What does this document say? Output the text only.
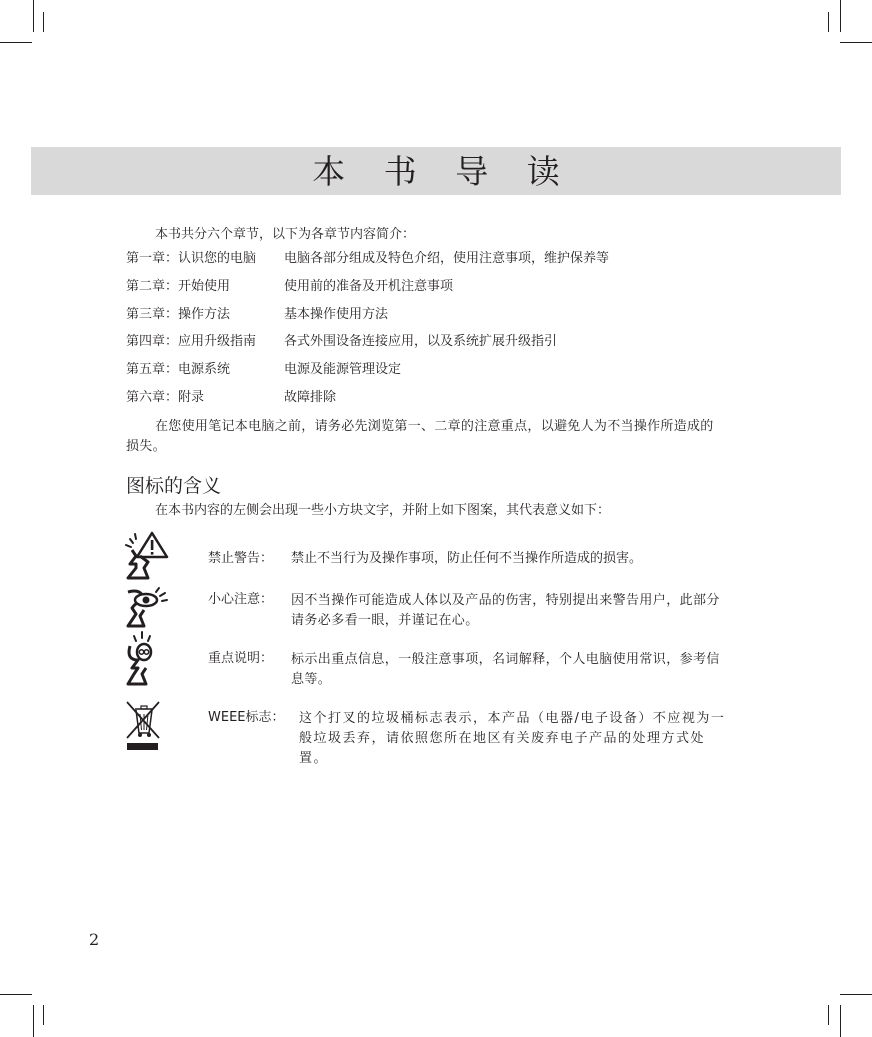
本 书 导 读
本书共分六个章节，以下为各章节内容简介：
第一章：认识您的电脑 电脑各部分组成及特色介绍，使用注意事项，维护保养等
第二章：开始使用	使用前的准备及开机注意事项
第三章：操作方法	基本操作使用方法
第四章：应用升级指南 各式外围设备连接应用，以及系统扩展升级指引
第五章：电源系统	电源及能源管理设定
第六章：附录	故障排除
在您使用笔记本电脑之前，请务必先浏览第一、二章的注意重点，以避免人为不当操作所造成的损失。
图标的含义
在本书内容的左侧会出现一些小方块文字，并附上如下图案，其代表意义如下：
禁止警告： 禁止不当行为及操作事项，防止任何不当操作所造成的损害。
小心注意： 因不当操作可能造成人体以及产品的伤害，特别提出来警告用户，此部分请务必多看一眼，并谨记在心。
重点说明： 标示出重点信息，一般注意事项，名词解释，个人电脑使用常识，参考信息等。
WEEE标志： 这个打叉的垃圾桶标志表示，本产品（电器/电子设备）不应视为一般垃圾丢弃，请依照您所在地区有关废弃电子产品的处理方式处置。
2
